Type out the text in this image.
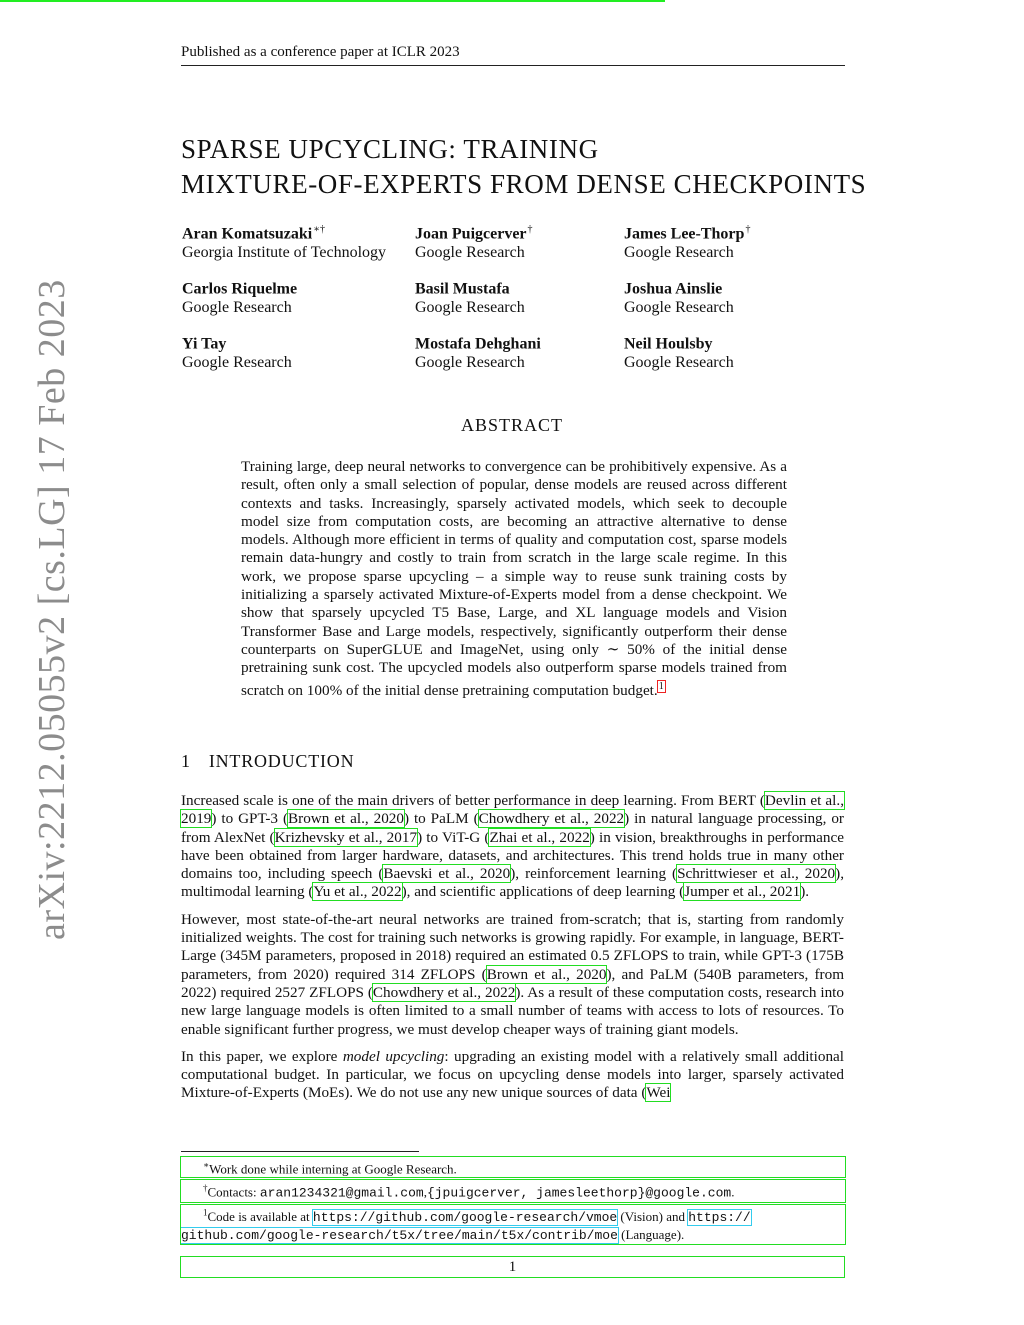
Published as a conference paper at ICLR 2023
SPARSE UPCYCLING: TRAINING
MIXTURE-OF-EXPERTS FROM DENSE CHECKPOINTS
Aran Komatsuzaki∗†
Georgia Institute of Technology
Joan Puigcerver†
Google Research
James Lee-Thorp†
Google Research
Carlos Riquelme
Google Research
Basil Mustafa
Google Research
Joshua Ainslie
Google Research
Yi Tay
Google Research
Mostafa Dehghani
Google Research
Neil Houlsby
Google Research
arXiv:2212.05055v2 [cs.LG] 17 Feb 2023	ABSTRACT
Training large, deep neural networks to convergence can be prohibitively expensive. As a result, often only a small selection of popular, dense models are reused across different contexts and tasks. Increasingly, sparsely activated models, which seek to decouple model size from computation costs, are becoming an attractive alternative to dense models. Although more efficient in terms of quality and computation cost, sparse models remain data-hungry and costly to train from scratch in the large scale regime. In this work, we propose sparse upcycling – a simple way to reuse sunk training costs by initializing a sparsely activated Mixture-of-Experts model from a dense checkpoint. We show that sparsely upcycled T5 Base, Large, and XL language models and Vision Transformer Base and Large models, respectively, significantly outperform their dense counterparts on SuperGLUE and ImageNet, using only ∼ 50% of the initial dense pretraining sunk cost. The upcycled models also outperform sparse models trained from scratch on 100% of the initial dense pretraining computation budget.$^1$
1 INTRODUCTION

Increased scale is one of the main drivers of better performance in deep learning. From BERT (Devlin et al., 2019) to GPT-3 (Brown et al., 2020) to PaLM (Chowdhery et al., 2022) in natural language processing, or from AlexNet (Krizhevsky et al., 2017) to ViT-G (Zhai et al., 2022) in vision, breakthroughs in performance have been obtained from larger hardware, datasets, and architectures. This trend holds true in many other domains too, including speech (Baevski et al., 2020), reinforcement learning (Schrittwieser et al., 2020), multimodal learning (Yu et al., 2022), and scientific applications of deep learning (Jumper et al., 2021).

However, most state-of-the-art neural networks are trained from-scratch; that is, starting from randomly initialized weights. The cost for training such networks is growing rapidly. For example, in language, BERT-Large (345M parameters, proposed in 2018) required an estimated 0.5 ZFLOPS to train, while GPT-3 (175B parameters, from 2020) required 314 ZFLOPS (Brown et al., 2020), and PaLM (540B parameters, from 2022) required 2527 ZFLOPS (Chowdhery et al., 2022). As a result of these computation costs, research into new large language models is often limited to a small number of teams with access to lots of resources. To enable significant further progress, we must develop cheaper ways of training giant models.

In this paper, we explore model upcycling: upgrading an existing model with a relatively small additional computational budget. In particular, we focus on upcycling dense models into larger, sparsely activated Mixture-of-Experts (MoEs). We do not use any new unique sources of data (Wei

∗Work done while interning at Google Research.
†Contacts: aran1234321@gmail.com,{jpuigcerver, jamesleethorp}@google.com.
$^1$Code is available at https://github.com/google-research/vmoe (Vision) and https://
github.com/google-research/t5x/tree/main/t5x/contrib/moe (Language).
1
